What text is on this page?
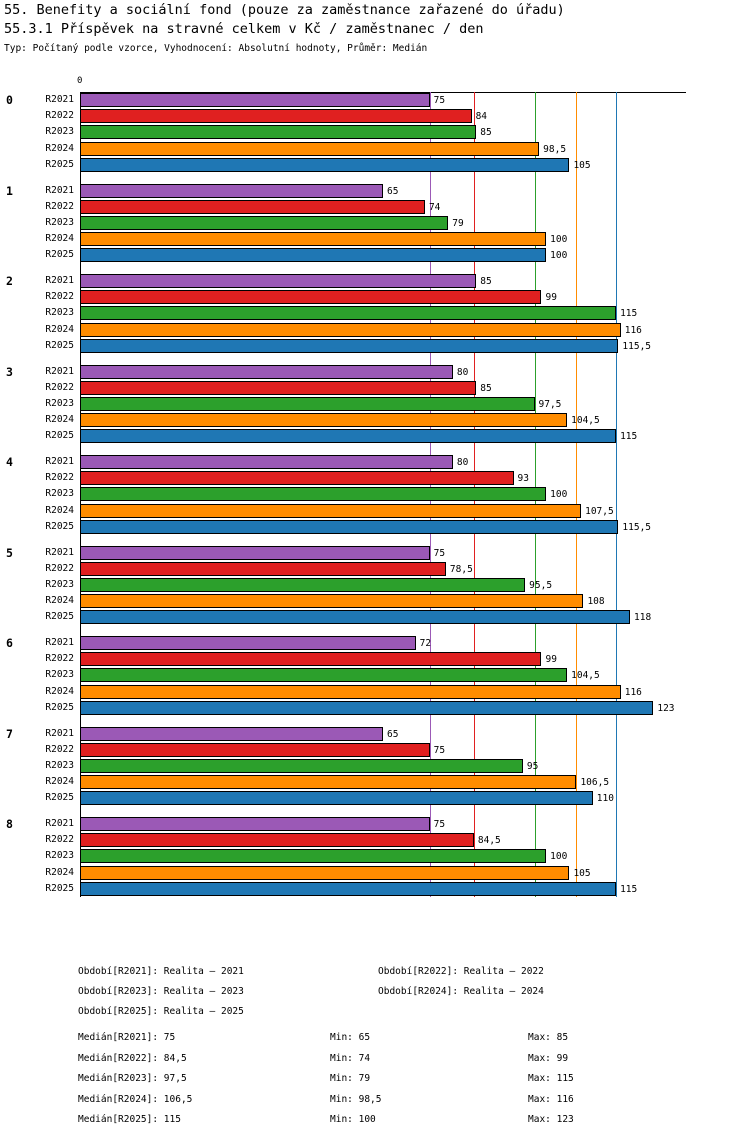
55. Benefity a sociální fond (pouze za zaměstnance zařazené do úřadu)
55.3.1 Příspěvek na stravné celkem v Kč / zaměstnanec / den
Typ: Počítaný podle vzorce, Vyhodnocení: Absolutní hodnoty, Průměr: Medián
0
0	R2021	75
R2022	84
R2023	85
R2024	98,5
R2025	105
1	R2021	65
R2022	74
R2023	79
R2024	100
R2025	100
2	R2021	85
R2022	99
R2023	115
R2024	116
R2025	115,5
3	R2021	80
R2022	85
R2023	97,5
R2024	104,5
R2025	115
4	R2021	80
R2022	93
R2023	100
R2024	107,5
R2025	115,5
5	R2021	75
R2022	78,5
R2023	95,5
R2024	108
R2025	118
6	R2021	72
R2022	99
R2023	104,5
R2024	116
R2025	123
7	R2021	65
R2022	75
R2023	95
R2024	106,5
R2025	110
8	R2021	75
R2022	84,5
R2023	100
R2024	105
R2025	115
Období[R2021]: Realita – 2021	Období[R2022]: Realita – 2022
Období[R2023]: Realita – 2023	Období[R2024]: Realita – 2024
Období[R2025]: Realita – 2025
Medián[R2021]: 75	Min: 65	Max: 85
Medián[R2022]: 84,5	Min: 74	Max: 99
Medián[R2023]: 97,5	Min: 79	Max: 115
Medián[R2024]: 106,5	Min: 98,5	Max: 116
Medián[R2025]: 115	Min: 100	Max: 123
